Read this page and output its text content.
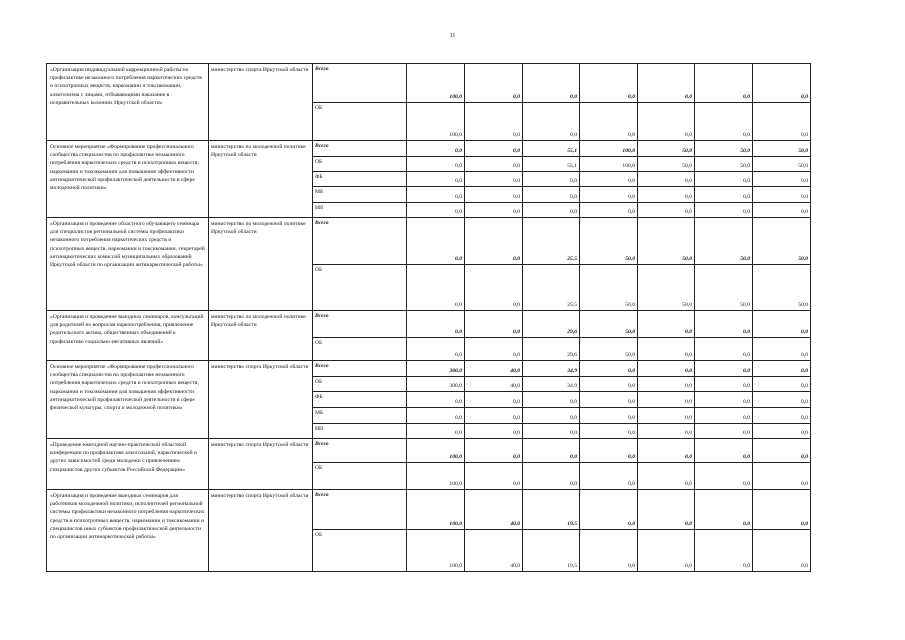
11
«Организация индивидуальной коррекционной работы по профилактике незаконного потребления наркотических средств и психотропных веществ, наркомании и токсикомании, алкоголизма с лицами, отбывающими наказание в исправительных колониях Иркутской области»	министерство спорта Иркутской области	Всего	100,0	0,0	0,0	0,0	0,0	0,0	0,0
		ОБ	100,0	0,0	0,0	0,0	0,0	0,0	0,0
Основное мероприятие «Формирование профессионального сообщества специалистов по профилактике незаконного потребления наркотических средств и психотропных веществ, наркомании и токсикомании для повышения эффективности антинаркотической профилактической деятельности в сфере молодежной политики»	министерство по молодежной политике Иркутской области	Всего	0,0	0,0	55,1	100,0	50,0	50,0	50,0
		ОБ	0,0	0,0	55,1	100,0	50,0	50,0	50,0
		ФБ	0,0	0,0	0,0	0,0	0,0	0,0	0,0
		МБ	0,0	0,0	0,0	0,0	0,0	0,0	0,0
		ИИ	0,0	0,0	0,0	0,0	0,0	0,0	0,0
«Организация и проведение областного обучающего семинара для специалистов региональной системы профилактики незаконного потребления наркотических средств и психотропных веществ, наркомании и токсикомании, секретарей антинаркотических комиссий муниципальных образований Иркутской области по организации антинаркотической работы»	министерство по молодежной политике Иркутской области	Всего	0,0	0,0	25,5	50,0	50,0	50,0	50,0
		ОБ	0,0	0,0	25,5	50,0	50,0	50,0	50,0
«Организация и проведение выездных семинаров, консультаций для родителей по вопросам наркопотребления, привлечение родительского актива, общественных объединений к профилактике социально-негативных явлений»	министерство по молодежной политике Иркутской области	Всего	0,0	0,0	29,6	50,0	0,0	0,0	0,0
		ОБ	0,0	0,0	29,6	50,0	0,0	0,0	0,0
Основное мероприятие «Формирование профессионального сообщества специалистов по профилактике незаконного потребления наркотических средств и психотропных веществ, наркомании и токсикомании для повышения эффективности антинаркотической профилактической деятельности в сфере физической культуры, спорта и молодежной политики»	министерство спорта Иркутской области	Всего	300,0	40,0	34,9	0,0	0,0	0,0	0,0
		ОБ	300,0	40,0	34,9	0,0	0,0	0,0	0,0
		ФБ	0,0	0,0	0,0	0,0	0,0	0,0	0,0
		МБ	0,0	0,0	0,0	0,0	0,0	0,0	0,0
		ИИ	0,0	0,0	0,0	0,0	0,0	0,0	0,0
«Проведение ежегодной научно-практической областной конференции по профилактике алкогольной, наркотической и других зависимостей среди молодежи с привлечением специалистов других субъектов Российской Федерации»	министерство спорта Иркутской области	Всего	100,0	0,0	0,0	0,0	0,0	0,0	0,0
		ОБ	100,0	0,0	0,0	0,0	0,0	0,0	0,0
«Организация и проведение выездных семинаров для работников молодежной политики, исполнителей региональной системы профилактики незаконного потребления наркотических средств и психотропных веществ, наркомании и токсикомании и специалистов иных субъектов профилактической деятельности по организации антинаркотической работы»	министерство спорта Иркутской области	Всего	100,0	40,0	19,5	0,0	0,0	0,0	0,0
		ОБ	100,0	40,0	19,5	0,0	0,0	0,0	0,0
